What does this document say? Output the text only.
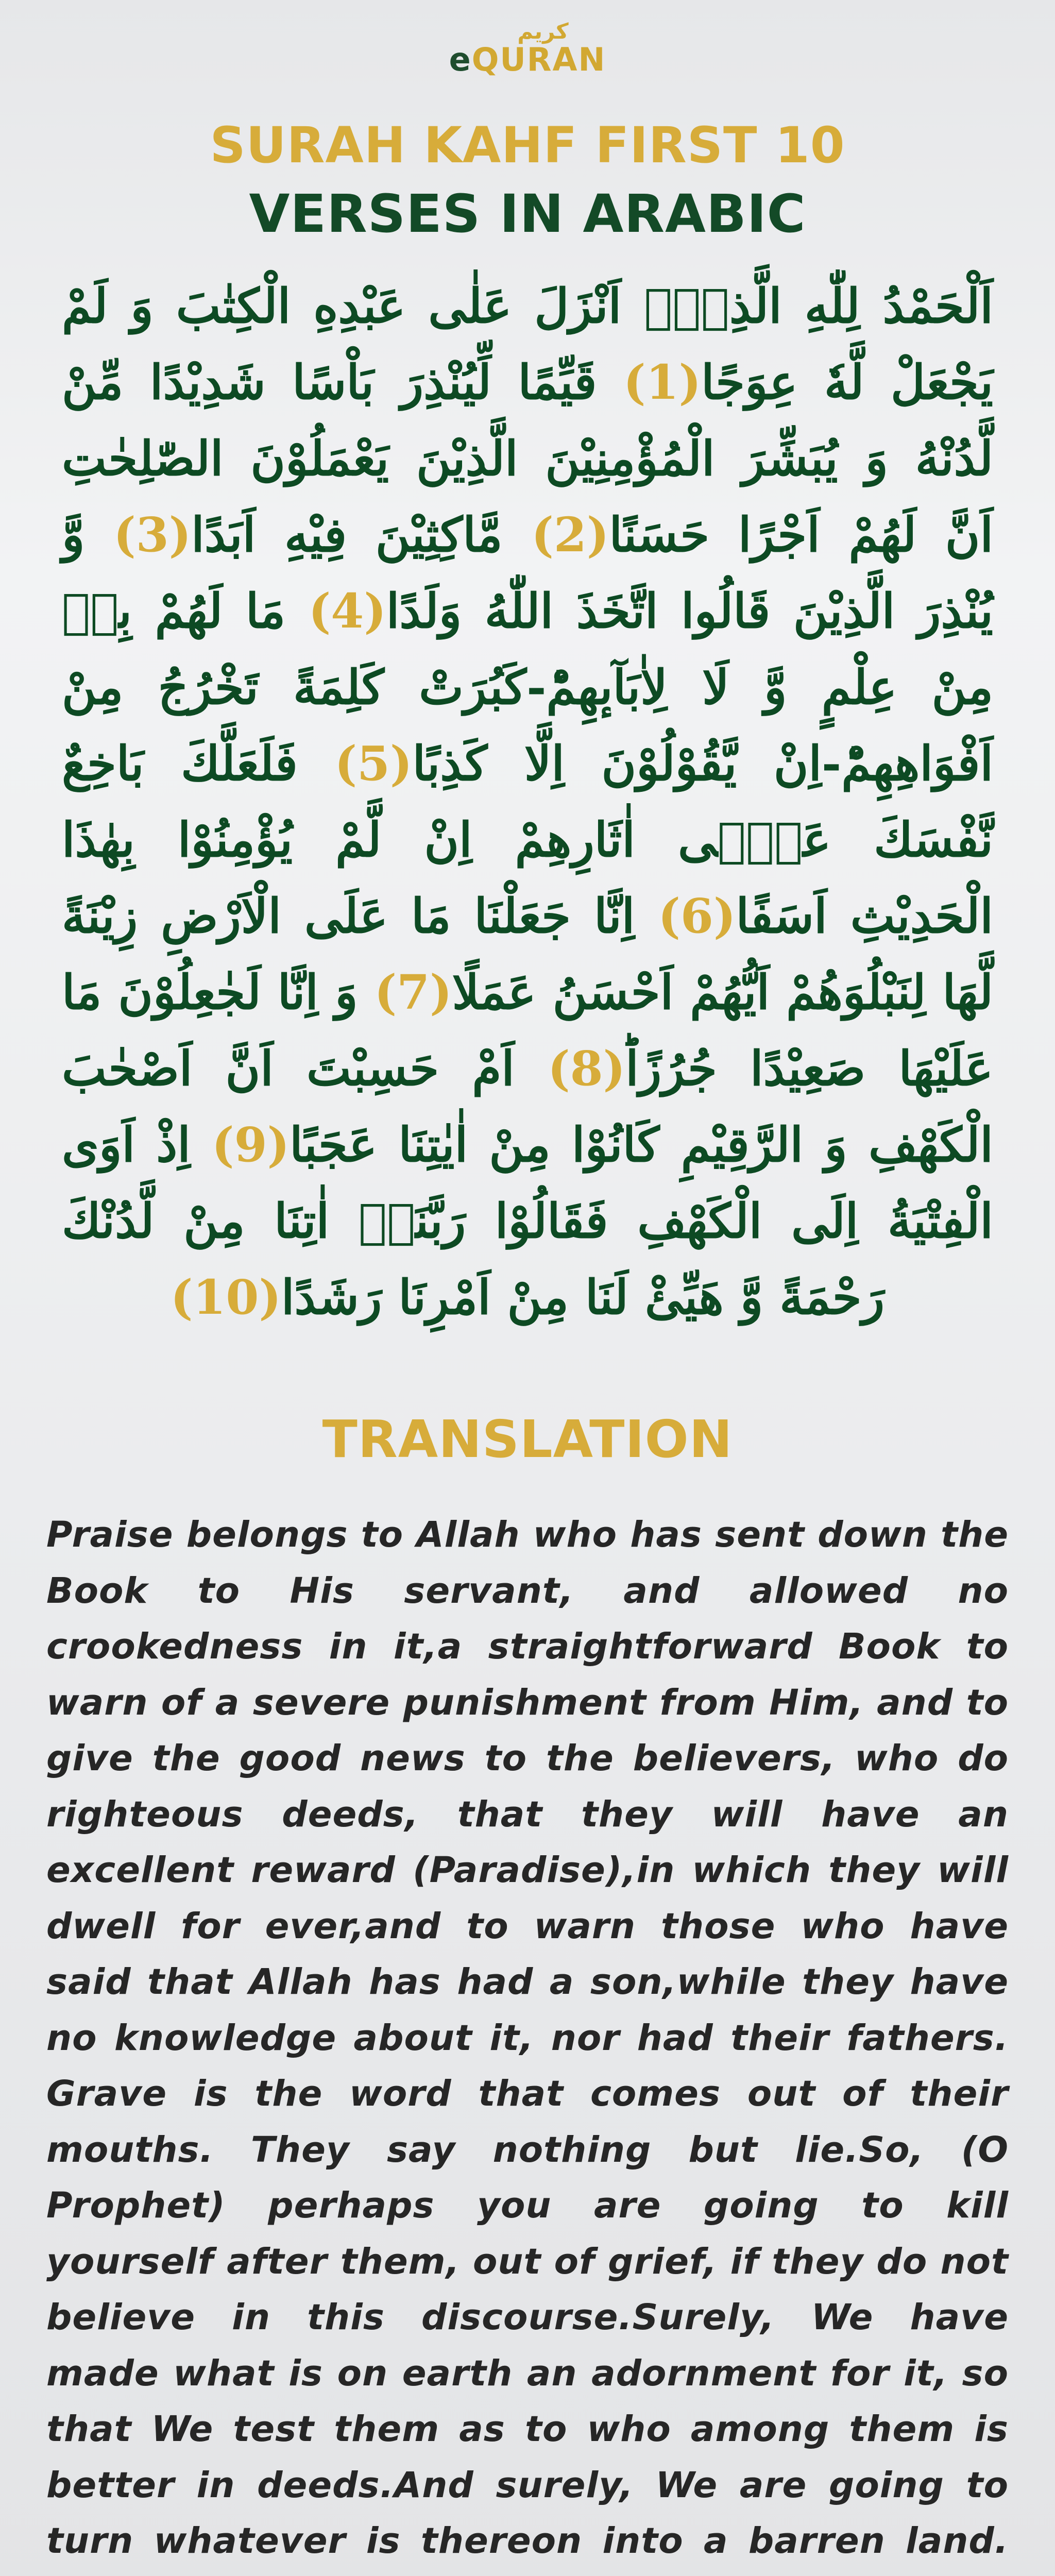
كريم
eQURAN
SURAH KAHF FIRST 10
VERSES IN ARABIC
اَلْحَمْدُ لِلّٰهِ الَّذِیْۤ اَنْزَلَ عَلٰى عَبْدِهِ الْكِتٰبَ وَ لَمْ یَجْعَلْ لَّهٗ عِوَجًا(1) قَیِّمًا لِّیُنْذِرَ بَاْسًا شَدِیْدًا مِّنْ لَّدُنْهُ وَ یُبَشِّرَ الْمُؤْمِنِیْنَ الَّذِیْنَ یَعْمَلُوْنَ الصّٰلِحٰتِ اَنَّ لَهُمْ اَجْرًا حَسَنًا(2) مَّاكِثِیْنَ فِیْهِ اَبَدًا(3) وَّ یُنْذِرَ الَّذِیْنَ قَالُوا اتَّخَذَ اللّٰهُ وَلَدًا(4) مَا لَهُمْ بِهٖ مِنْ عِلْمٍ وَّ لَا لِاٰبَآىٕهِمْؕ-كَبُرَتْ كَلِمَةً تَخْرُجُ مِنْ اَفْوَاهِهِمْؕ-اِنْ یَّقُوْلُوْنَ اِلَّا كَذِبًا(5) فَلَعَلَّكَ بَاخِعٌ نَّفْسَكَ عَلٰۤى اٰثَارِهِمْ اِنْ لَّمْ یُؤْمِنُوْا بِهٰذَا الْحَدِیْثِ اَسَفًا(6) اِنَّا جَعَلْنَا مَا عَلَى الْاَرْضِ زِیْنَةً لَّهَا لِنَبْلُوَهُمْ اَیُّهُمْ اَحْسَنُ عَمَلًا(7) وَ اِنَّا لَجٰعِلُوْنَ مَا عَلَیْهَا صَعِیْدًا جُرُزًاؕ(8) اَمْ حَسِبْتَ اَنَّ اَصْحٰبَ الْكَهْفِ وَ الرَّقِیْمِ كَانُوْا مِنْ اٰیٰتِنَا عَجَبًا(9) اِذْ اَوَى الْفِتْیَةُ اِلَى الْكَهْفِ فَقَالُوْا رَبَّنَاۤ اٰتِنَا مِنْ لَّدُنْكَ رَحْمَةً وَّ هَیِّئْ لَنَا مِنْ اَمْرِنَا رَشَدًا(10)
TRANSLATION
Praise belongs to Allah who has sent down the Book to His servant, and allowed no crookedness in it,a straightforward Book to warn of a severe punishment from Him, and to give the good news to the believers, who do righteous deeds, that they will have an excellent reward (Paradise),in which they will dwell for ever,and to warn those who have said that Allah has had a son,while they have no knowledge about it, nor had their fathers. Grave is the word that comes out of their mouths. They say nothing but lie.So, (O Prophet) perhaps you are going to kill yourself after them, out of grief, if they do not believe in this discourse.Surely, We have made what is on earth an adornment for it, so that We test them as to who among them is better in deeds.And surely, We are going to turn whatever is thereon into a barren land.
